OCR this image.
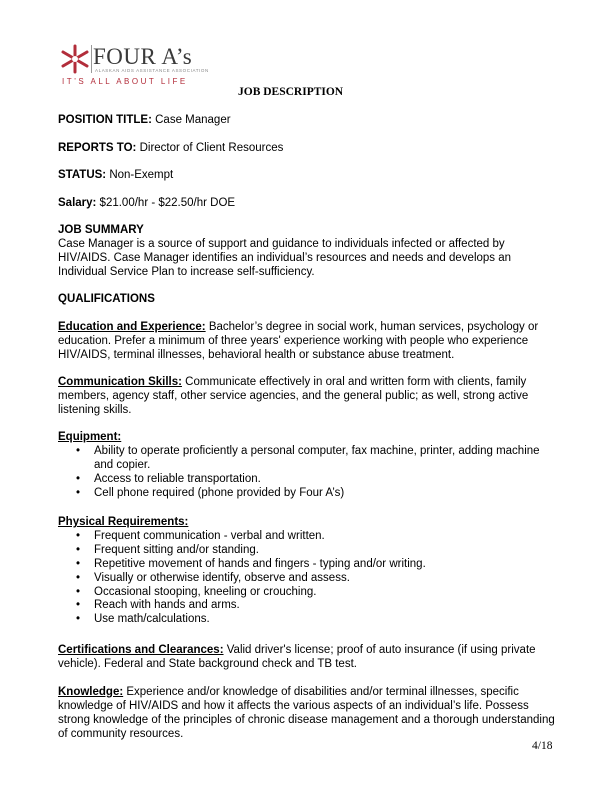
FOUR A’s
ALASKAN AIDS ASSISTANCE ASSOCIATION
IT’S ALL ABOUT LIFE
JOB DESCRIPTION
POSITION TITLE: Case Manager
REPORTS TO: Director of Client Resources
STATUS: Non-Exempt
Salary: $21.00/hr - $22.50/hr DOE
JOB SUMMARY
Case Manager is a source of support and guidance to individuals infected or affected by HIV/AIDS. Case Manager identifies an individual’s resources and needs and develops an Individual Service Plan to increase self-sufficiency.
QUALIFICATIONS
Education and Experience: Bachelor’s degree in social work, human services, psychology or education. Prefer a minimum of three years' experience working with people who experience HIV/AIDS, terminal illnesses, behavioral health or substance abuse treatment.
Communication Skills: Communicate effectively in oral and written form with clients, family members, agency staff, other service agencies, and the general public; as well, strong active listening skills.
Equipment:
• Ability to operate proficiently a personal computer, fax machine, printer, adding machine and copier.
• Access to reliable transportation.
• Cell phone required (phone provided by Four A’s)
Physical Requirements:
• Frequent communication - verbal and written.
• Frequent sitting and/or standing.
• Repetitive movement of hands and fingers - typing and/or writing.
• Visually or otherwise identify, observe and assess.
• Occasional stooping, kneeling or crouching.
• Reach with hands and arms.
• Use math/calculations.
Certifications and Clearances: Valid driver's license; proof of auto insurance (if using private vehicle). Federal and State background check and TB test.
Knowledge: Experience and/or knowledge of disabilities and/or terminal illnesses, specific knowledge of HIV/AIDS and how it affects the various aspects of an individual’s life. Possess strong knowledge of the principles of chronic disease management and a thorough understanding of community resources.
4/18
